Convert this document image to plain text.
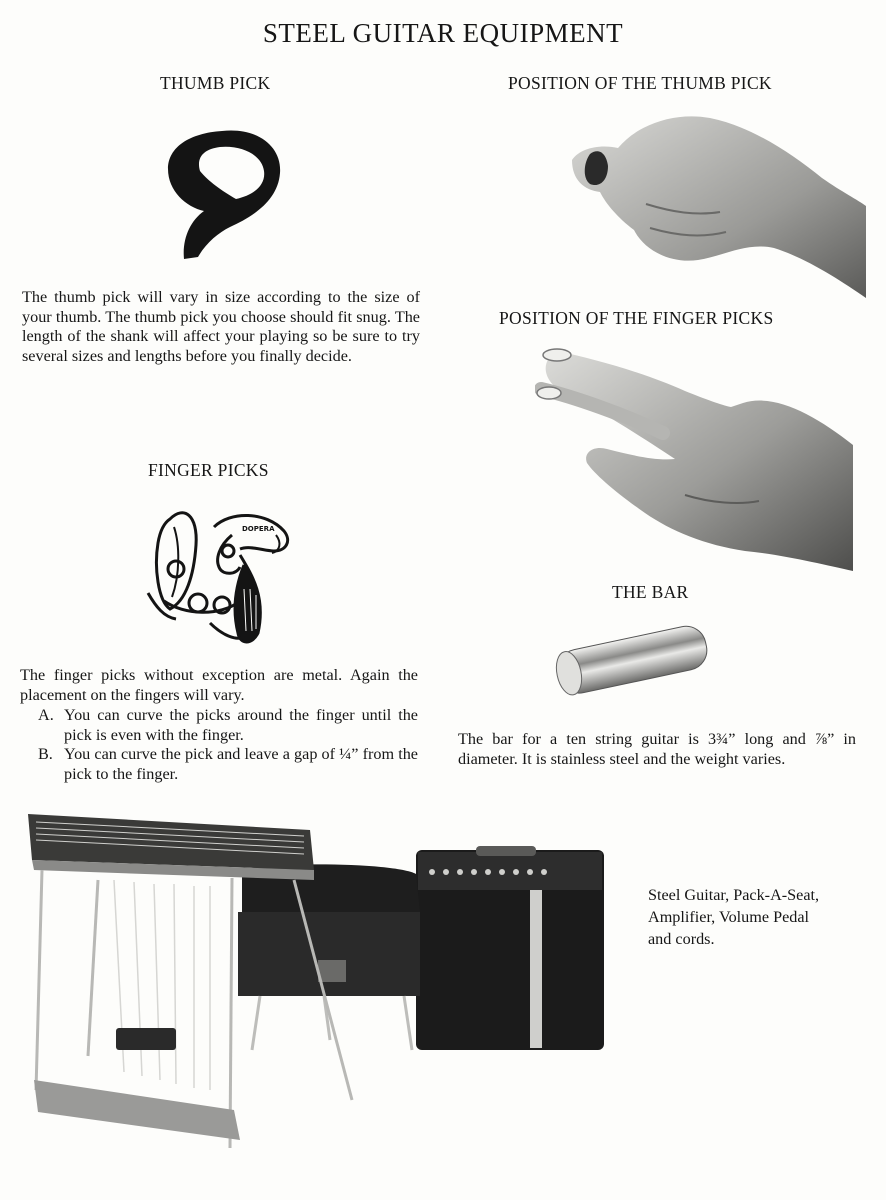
STEEL GUITAR EQUIPMENT
THUMB PICK
The thumb pick will vary in size according to the size of your thumb. The thumb pick you choose should fit snug. The length of the shank will affect your playing so be sure to try several sizes and lengths before you finally decide.
POSITION OF THE THUMB PICK
POSITION OF THE FINGER PICKS
FINGER PICKS
DOPERA
The finger picks without exception are metal. Again the placement on the fingers will vary.
A. You can curve the picks around the finger until the pick is even with the finger.
B. You can curve the pick and leave a gap of ¼” from the pick to the finger.
THE BAR
The bar for a ten string guitar is 3¾” long and ⅞” in diameter. It is stainless steel and the weight varies.
Steel Guitar, Pack-A-Seat,
Amplifier, Volume Pedal
and cords.
